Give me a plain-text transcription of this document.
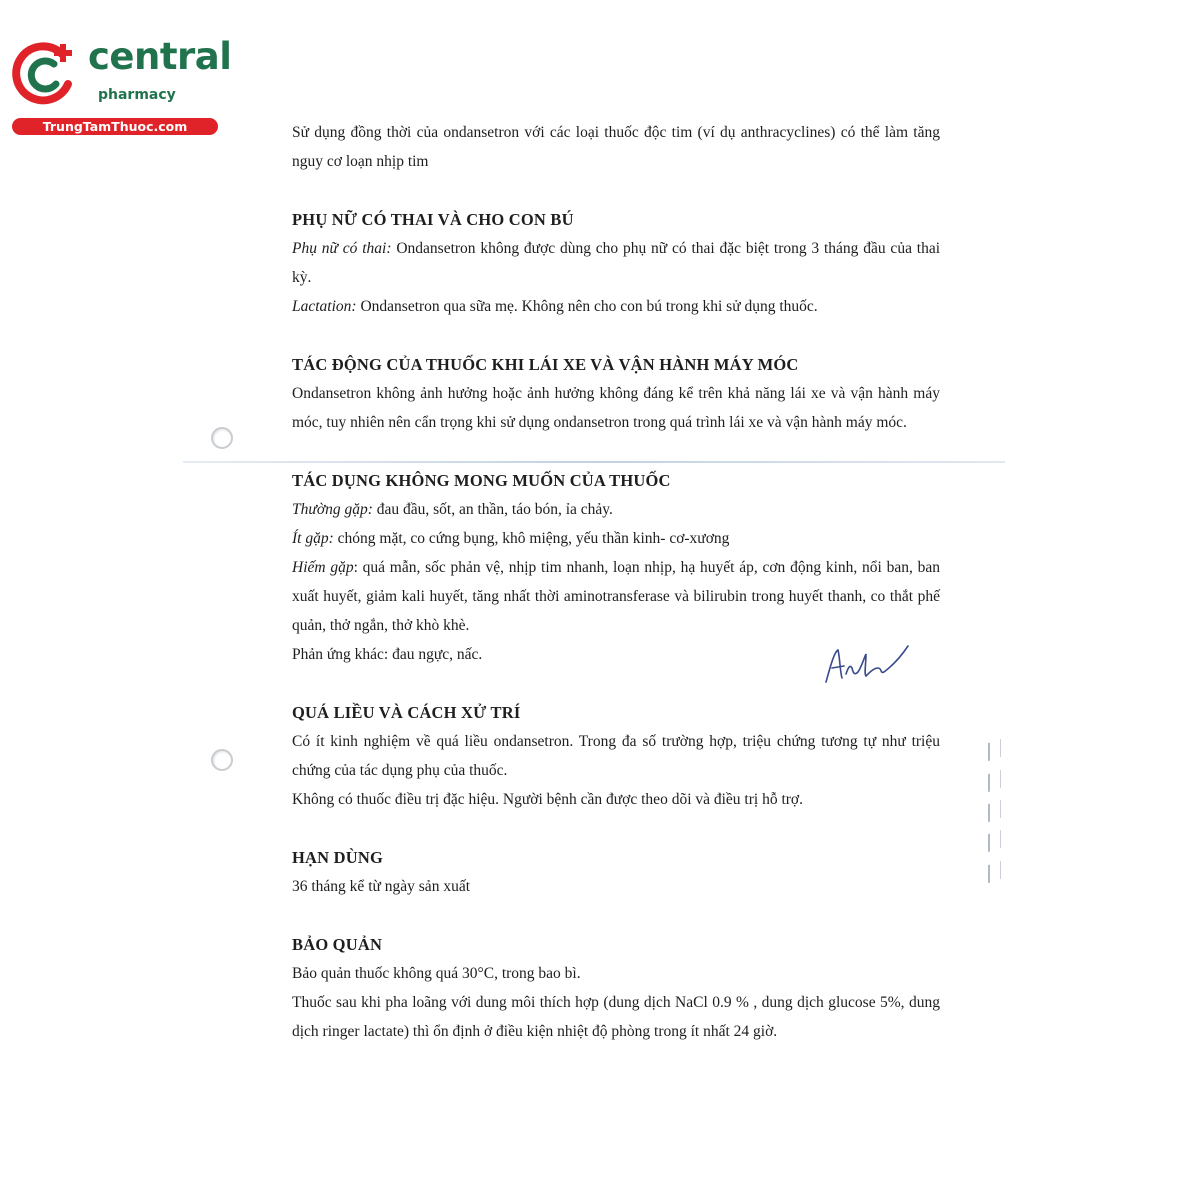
central
pharmacy
TrungTamThuoc.com	Sử dụng đồng thời của ondansetron với các loại thuốc độc tim (ví dụ anthracyclines) có thể làm tăng nguy cơ loạn nhịp tim

PHỤ NỮ CÓ THAI VÀ CHO CON BÚ

Phụ nữ có thai: Ondansetron không được dùng cho phụ nữ có thai đặc biệt trong 3 tháng đầu của thai kỳ.

Lactation: Ondansetron qua sữa mẹ. Không nên cho con bú trong khi sử dụng thuốc.

TÁC ĐỘNG CỦA THUỐC KHI LÁI XE VÀ VẬN HÀNH MÁY MÓC

Ondansetron không ảnh hưởng hoặc ảnh hưởng không đáng kể trên khả năng lái xe và vận hành máy móc, tuy nhiên nên cẩn trọng khi sử dụng ondansetron trong quá trình lái xe và vận hành máy móc.

TÁC DỤNG KHÔNG MONG MUỐN CỦA THUỐC

Thường gặp: đau đầu, sốt, an thần, táo bón, ỉa chảy.

Ít gặp: chóng mặt, co cứng bụng, khô miệng, yếu thần kinh- cơ-xương

Hiếm gặp: quá mẫn, sốc phản vệ, nhịp tim nhanh, loạn nhịp, hạ huyết áp, cơn động kinh, nổi ban, ban xuất huyết, giảm kali huyết, tăng nhất thời aminotransferase và bilirubin trong huyết thanh, co thắt phế quản, thở ngắn, thở khò khè.

Phản ứng khác: đau ngực, nấc.

QUÁ LIỀU VÀ CÁCH XỬ TRÍ

Có ít kinh nghiệm về quá liều ondansetron. Trong đa số trường hợp, triệu chứng tương tự như triệu chứng của tác dụng phụ của thuốc.

Không có thuốc điều trị đặc hiệu. Người bệnh cần được theo dõi và điều trị hỗ trợ.

HẠN DÙNG

36 tháng kể từ ngày sản xuất

BẢO QUẢN

Bảo quản thuốc không quá 30°C, trong bao bì.

Thuốc sau khi pha loãng với dung môi thích hợp (dung dịch NaCl 0.9 % , dung dịch glucose 5%, dung dịch ringer lactate) thì ổn định ở điều kiện nhiệt độ phòng trong ít nhất 24 giờ.
